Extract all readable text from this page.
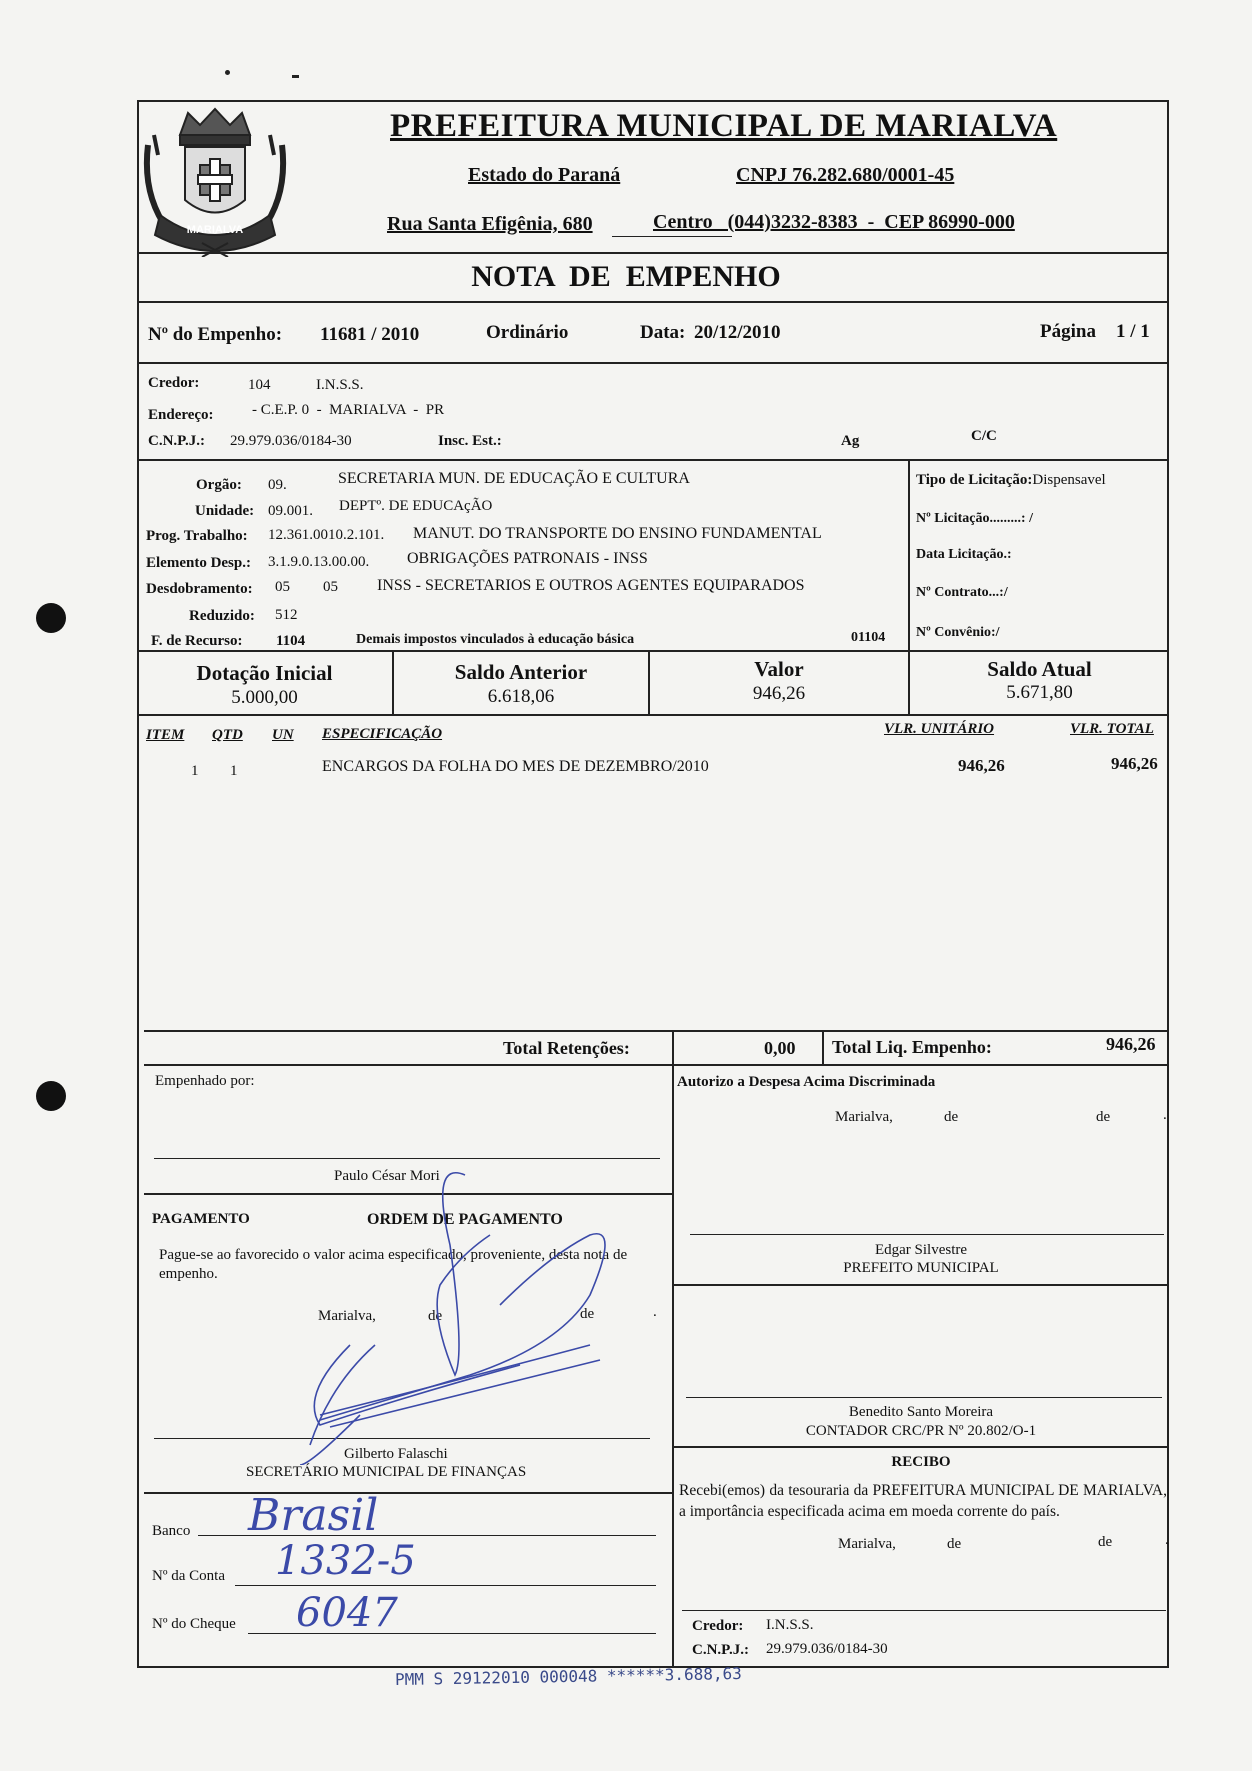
MARIALVA
PREFEITURA MUNICIPAL DE MARIALVA
Estado do Paraná	CNPJ 76.282.680/0001-45
Rua Santa Efigênia, 680	Centro   (044)3232-8383  -  CEP 86990-000
NOTA  DE  EMPENHO
Nº do Empenho: 11681 / 2010	Ordinário	Data: 20/12/2010	Página 1 / 1
Credor:	104	I.N.S.S.
Endereço:	- C.E.P. 0  -  MARIALVA  -  PR
C.N.P.J.: 29.979.036/0184-30	Insc. Est.:	Ag	C/C
Orgão: 09.	SECRETARIA MUN. DE EDUCAÇÃO E CULTURA
Unidade: 09.001. DEPTº. DE EDUCAçÃO
Prog. Trabalho: 12.361.0010.2.101. MANUT. DO TRANSPORTE DO ENSINO FUNDAMENTAL
Elemento Desp.: 3.1.9.0.13.00.00. OBRIGAÇÕES PATRONAIS - INSS
Desdobramento: 05 05 INSS - SECRETARIOS E OUTROS AGENTES EQUIPARADOS
Reduzido: 512
F. de Recurso: 1104	Demais impostos vinculados à educação básica	01104
Tipo de Licitação:Dispensavel
Nº Licitação.........: /
Data Licitação.:
Nº Contrato...:/
Nº Convênio:/
Dotação Inicial
5.000,00
Saldo Anterior
6.618,06
Valor
946,26
Saldo Atual
5.671,80
ITEM QTD UN ESPECIFICAÇÃO	VLR. UNITÁRIO	VLR. TOTAL
1 1	ENCARGOS DA FOLHA DO MES DE DEZEMBRO/2010	946,26	946,26
Total Retenções:	0,00 Total Liq. Empenho:	946,26
Empenhado por:
Paulo César Mori
PAGAMENTO	ORDEM DE PAGAMENTO
Pague-se ao favorecido o valor acima especificado, proveniente, desta nota de empenho.
Marialva,	de	de	.
Gilberto Falaschi
SECRETÁRIO MUNICIPAL DE FINANÇAS
Banco Brasil
Nº da Conta 1332-5
Nº do Cheque 6047
Autorizo a Despesa Acima Discriminada
Marialva,	de	de	.
Edgar Silvestre
PREFEITO MUNICIPAL
Benedito Santo Moreira
CONTADOR CRC/PR Nº 20.802/O-1
RECIBO
Recebi(emos) da tesouraria da PREFEITURA MUNICIPAL DE MARIALVA, a importância especificada acima em moeda corrente do país.
Marialva,	de	de	.
Credor: I.N.S.S.
C.N.P.J.: 29.979.036/0184-30
PMM S 29122010 000048 ******3.688,63
